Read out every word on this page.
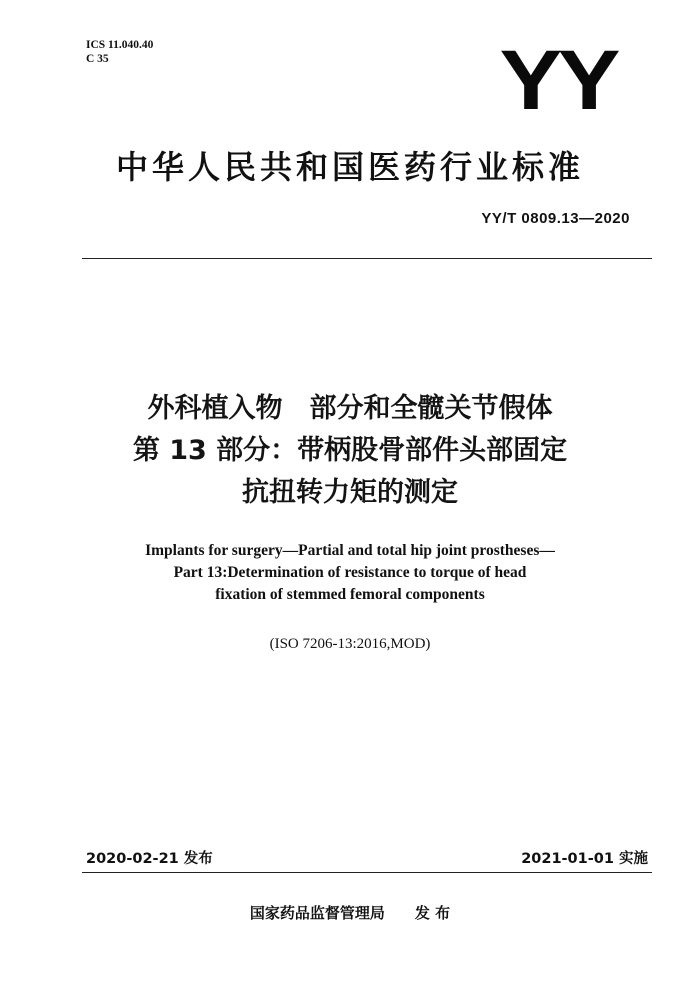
ICS 11.040.40
C 35	YY
中华人民共和国医药行业标准
YY/T 0809.13—2020
外科植入物　部分和全髋关节假体
第 13 部分：带柄股骨部件头部固定
抗扭转力矩的测定
Implants for surgery—Partial and total hip joint prostheses—
Part 13:Determination of resistance to torque of head
fixation of stemmed femoral components
(ISO 7206-13:2016,MOD)
2020-02-21 发布	2021-01-01 实施
国家药品监督管理局　　发 布
